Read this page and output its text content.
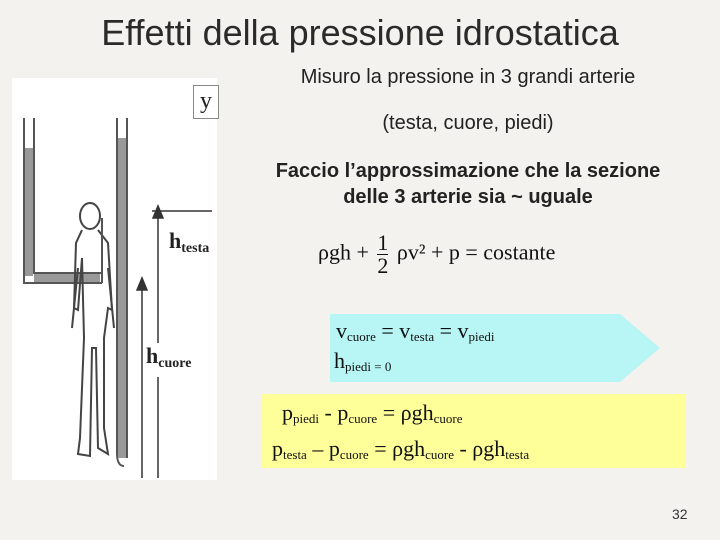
Effetti della pressione idrostatica
y
$h_{testa}$
$h_{cuore}$
Misuro la pressione in 3 grandi arterie
(testa, cuore, piedi)
Faccio l’approssimazione che la sezione
delle 3 arterie sia ~ uguale
$\rho gh + \frac{1}{2} \rho v^2 + p$ = costante
$v_{cuore} = v_{testa} = v_{piedi}$
$h_{piedi = 0}$
$p_{piedi} - p_{cuore} = \rho gh_{cuore}$
$p_{testa} - p_{cuore} = \rho gh_{cuore} - \rho gh_{testa}$
32
